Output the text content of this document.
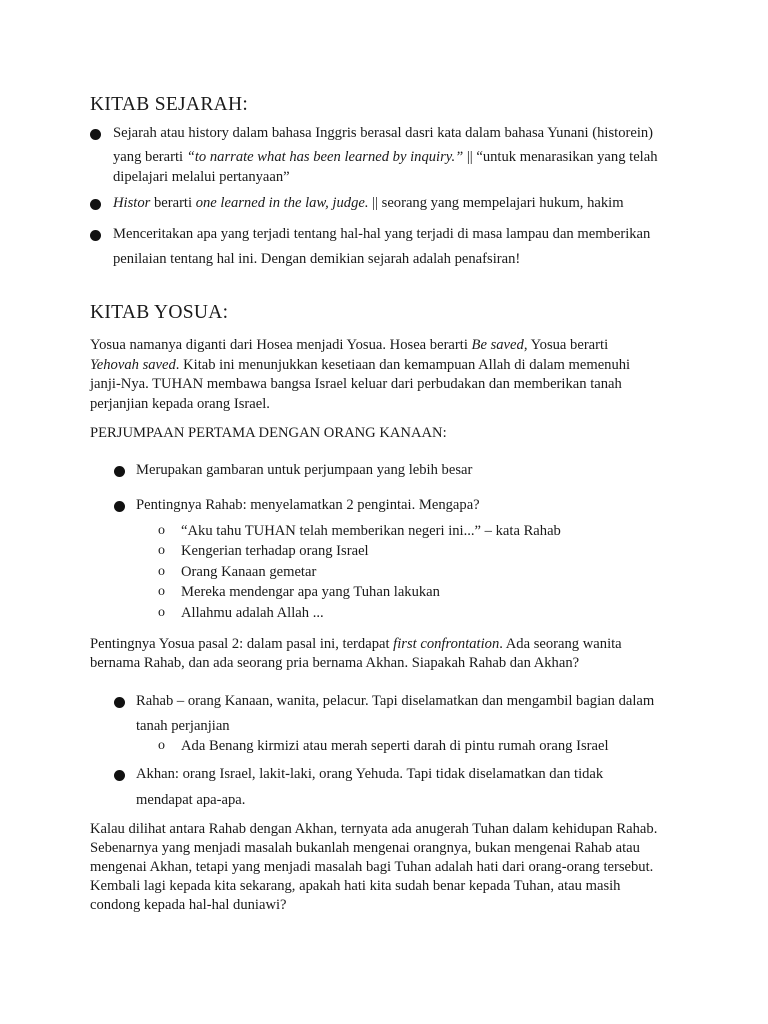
KITAB SEJARAH:
Sejarah atau history dalam bahasa Inggris berasal dasri kata dalam bahasa Yunani (historein)
yang berarti “to narrate what has been learned by inquiry.” || “untuk menarasikan yang telah
dipelajari melalui pertanyaan”
Histor berarti one learned in the law, judge. || seorang yang mempelajari hukum, hakim
Menceritakan apa yang terjadi tentang hal-hal yang terjadi di masa lampau dan memberikan
penilaian tentang hal ini. Dengan demikian sejarah adalah penafsiran!
KITAB YOSUA:
Yosua namanya diganti dari Hosea menjadi Yosua. Hosea berarti Be saved, Yosua berarti
Yehovah saved. Kitab ini menunjukkan kesetiaan dan kemampuan Allah di dalam memenuhi
janji-Nya. TUHAN membawa bangsa Israel keluar dari perbudakan dan memberikan tanah
perjanjian kepada orang Israel.
PERJUMPAAN PERTAMA DENGAN ORANG KANAAN:
Merupakan gambaran untuk perjumpaan yang lebih besar
Pentingnya Rahab: menyelamatkan 2 pengintai. Mengapa?
o “Aku tahu TUHAN telah memberikan negeri ini...” – kata Rahab
o Kengerian terhadap orang Israel
o Orang Kanaan gemetar
o Mereka mendengar apa yang Tuhan lakukan
o Allahmu adalah Allah ...
Pentingnya Yosua pasal 2: dalam pasal ini, terdapat first confrontation. Ada seorang wanita
bernama Rahab, dan ada seorang pria bernama Akhan. Siapakah Rahab dan Akhan?
Rahab – orang Kanaan, wanita, pelacur. Tapi diselamatkan dan mengambil bagian dalam
tanah perjanjian
o Ada Benang kirmizi atau merah seperti darah di pintu rumah orang Israel
Akhan: orang Israel, lakit-laki, orang Yehuda. Tapi tidak diselamatkan dan tidak
mendapat apa-apa.
Kalau dilihat antara Rahab dengan Akhan, ternyata ada anugerah Tuhan dalam kehidupan Rahab.
Sebenarnya yang menjadi masalah bukanlah mengenai orangnya, bukan mengenai Rahab atau
mengenai Akhan, tetapi yang menjadi masalah bagi Tuhan adalah hati dari orang-orang tersebut.
Kembali lagi kepada kita sekarang, apakah hati kita sudah benar kepada Tuhan, atau masih
condong kepada hal-hal duniawi?
